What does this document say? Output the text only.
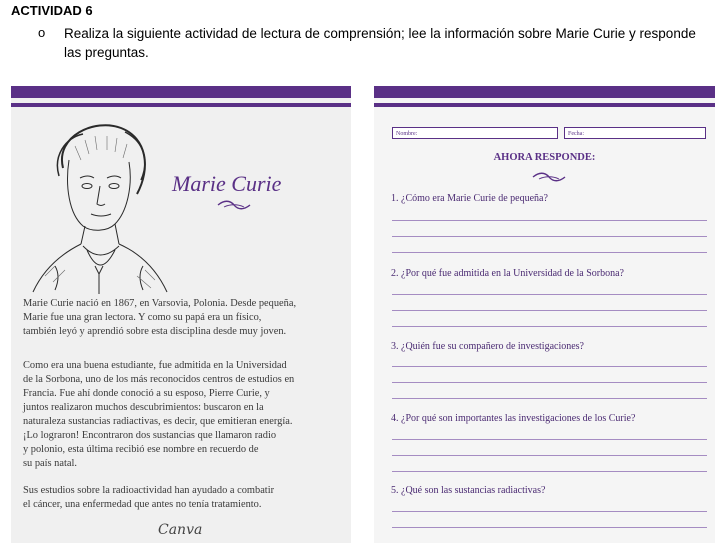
ACTIVIDAD 6
o Realiza la siguiente actividad de lectura de comprensión; lee la información sobre Marie Curie y responde las preguntas.
Marie Curie
Marie Curie nació en 1867, en Varsovia, Polonia. Desde pequeña,
Marie fue una gran lectora. Y como su papá era un físico,
también leyó y aprendió sobre esta disciplina desde muy joven.
Como era una buena estudiante, fue admitida en la Universidad
de la Sorbona, uno de los más reconocidos centros de estudios en
Francia. Fue ahí donde conoció a su esposo, Pierre Curie, y
juntos realizaron muchos descubrimientos: buscaron en la
naturaleza sustancias radiactivas, es decir, que emitieran energía.
¡Lo lograron! Encontraron dos sustancias que llamaron radio
y polonio, esta última recibió ese nombre en recuerdo de
su país natal.
Sus estudios sobre la radioactividad han ayudado a combatir
el cáncer, una enfermedad que antes no tenía tratamiento.
Canva
Nombre:	Fecha:
AHORA RESPONDE:
1. ¿Cómo era Marie Curie de pequeña?
2. ¿Por qué fue admitida en la Universidad de la Sorbona?
3. ¿Quién fue su compañero de investigaciones?
4. ¿Por qué son importantes las investigaciones de los Curie?
5. ¿Qué son las sustancias radiactivas?
